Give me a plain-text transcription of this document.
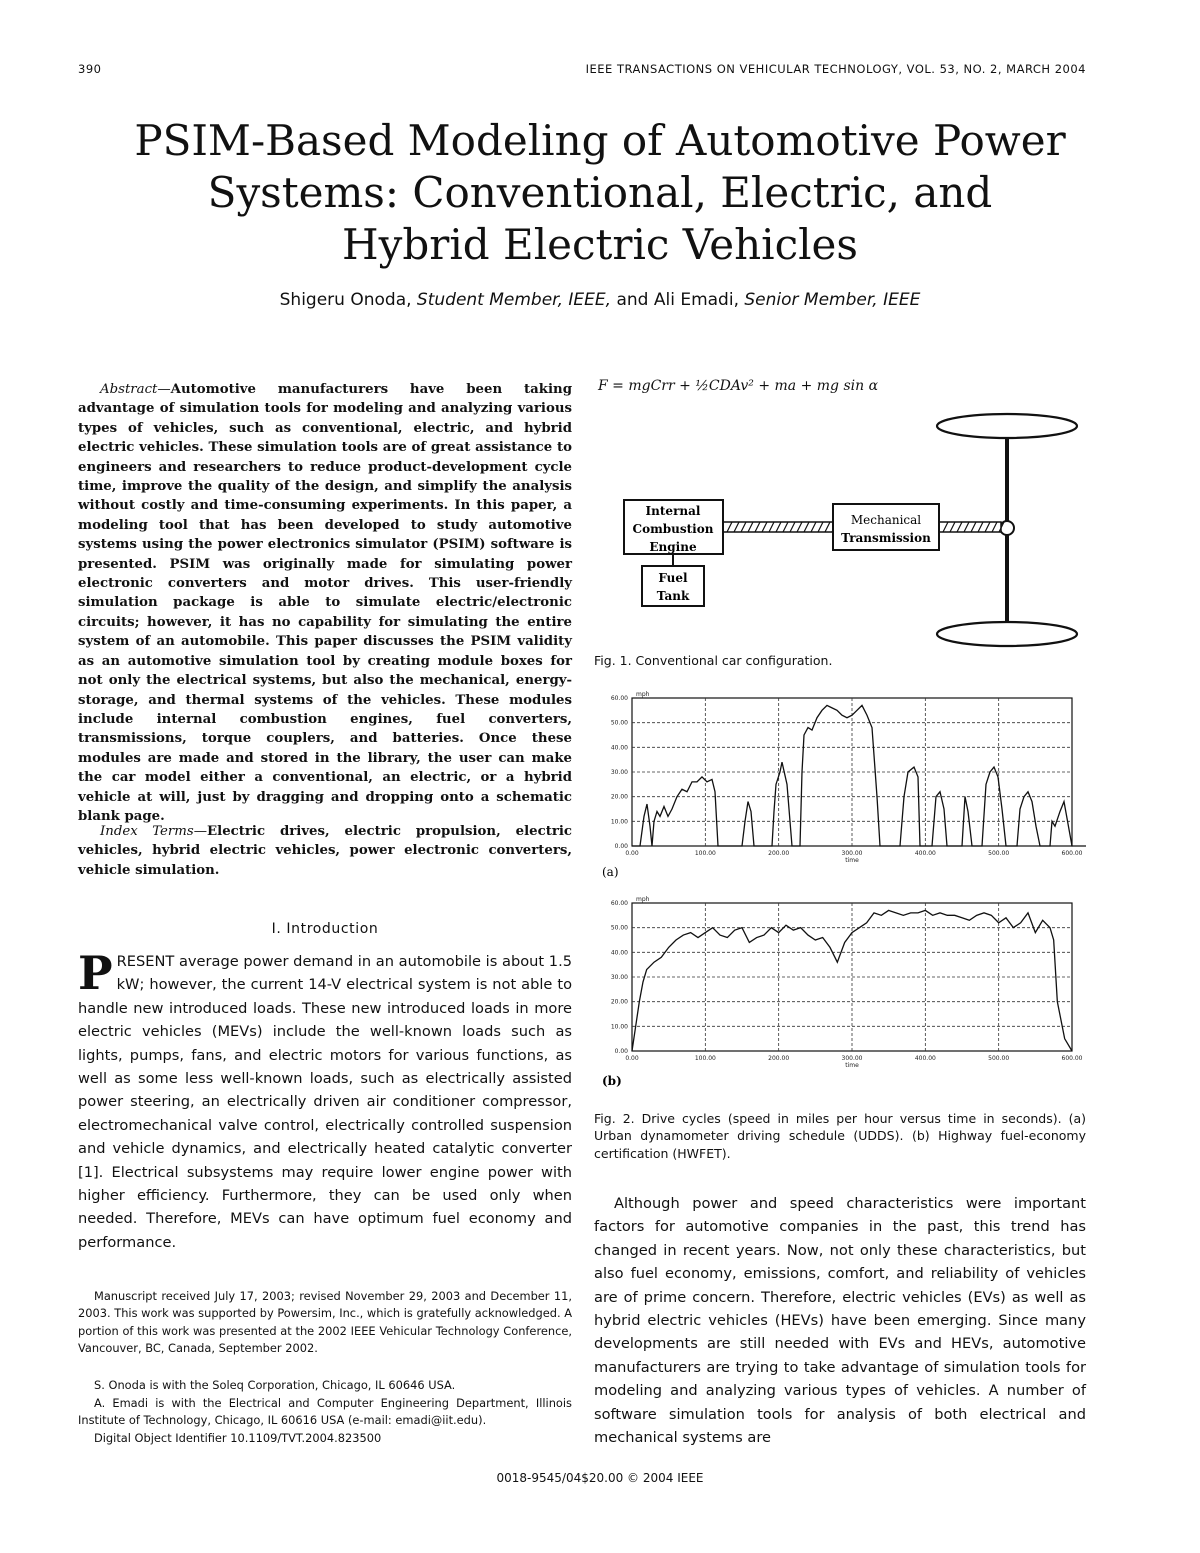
390	IEEE TRANSACTIONS ON VEHICULAR TECHNOLOGY, VOL. 53, NO. 2, MARCH 2004
PSIM-Based Modeling of Automotive Power
Systems: Conventional, Electric, and
Hybrid Electric Vehicles
Shigeru Onoda, Student Member, IEEE, and Ali Emadi, Senior Member, IEEE
Abstract—Automotive manufacturers have been taking advantage of simulation tools for modeling and analyzing various types of vehicles, such as conventional, electric, and hybrid electric vehicles. These simulation tools are of great assistance to engineers and researchers to reduce product-development cycle time, improve the quality of the design, and simplify the analysis without costly and time-consuming experiments. In this paper, a modeling tool that has been developed to study automotive systems using the power electronics simulator (PSIM) software is presented. PSIM was originally made for simulating power electronic converters and motor drives. This user-friendly simulation package is able to simulate electric/electronic circuits; however, it has no capability for simulating the entire system of an automobile. This paper discusses the PSIM validity as an automotive simulation tool by creating module boxes for not only the electrical systems, but also the mechanical, energy-storage, and thermal systems of the vehicles. These modules include internal combustion engines, fuel converters, transmissions, torque couplers, and batteries. Once these modules are made and stored in the library, the user can make the car model either a conventional, an electric, or a hybrid vehicle at will, just by dragging and dropping onto a schematic blank page.
Index Terms—Electric drives, electric propulsion, electric vehicles, hybrid electric vehicles, power electronic converters, vehicle simulation.
I. Introduction
PRESENT average power demand in an automobile is about 1.5 kW; however, the current 14-V electrical system is not able to handle new introduced loads. These new introduced loads in more electric vehicles (MEVs) include the well-known loads such as lights, pumps, fans, and electric motors for various functions, as well as some less well-known loads, such as electrically assisted power steering, an electrically driven air conditioner compressor, electromechanical valve control, electrically controlled suspension and vehicle dynamics, and electrically heated catalytic converter [1]. Electrical subsystems may require lower engine power with higher efficiency. Furthermore, they can be used only when needed. Therefore, MEVs can have optimum fuel economy and performance.
Manuscript received July 17, 2003; revised November 29, 2003 and December 11, 2003. This work was supported by Powersim, Inc., which is gratefully acknowledged. A portion of this work was presented at the 2002 IEEE Vehicular Technology Conference, Vancouver, BC, Canada, September 2002.
S. Onoda is with the Soleq Corporation, Chicago, IL 60646 USA.
A. Emadi is with the Electrical and Computer Engineering Department, Illinois Institute of Technology, Chicago, IL 60616 USA (e-mail: emadi@iit.edu).
Digital Object Identifier 10.1109/TVT.2004.823500
F = mgCrr + ½CDAv² + ma + mg sin α
Internal
Combustion
Engine
Fuel
Tank
Mechanical
Transmission
Fig. 1. Conventional car configuration.
0.00
10.00
20.00
30.00
40.00
50.00
60.00
0.00	100.00	200.00	300.00	400.00	500.00	600.00
mph
time
0.00
10.00
20.00
30.00
40.00
50.00
60.00
0.00	100.00	200.00	300.00	400.00	500.00	600.00
mph
time
(a)
(b)
Fig. 2. Drive cycles (speed in miles per hour versus time in seconds). (a) Urban dynamometer driving schedule (UDDS). (b) Highway fuel-economy certification (HWFET).
Although power and speed characteristics were important factors for automotive companies in the past, this trend has changed in recent years. Now, not only these characteristics, but also fuel economy, emissions, comfort, and reliability of vehicles are of prime concern. Therefore, electric vehicles (EVs) as well as hybrid electric vehicles (HEVs) have been emerging. Since many developments are still needed with EVs and HEVs, automotive manufacturers are trying to take advantage of simulation tools for modeling and analyzing various types of vehicles. A number of software simulation tools for analysis of both electrical and mechanical systems are
0018-9545/04$20.00 © 2004 IEEE
